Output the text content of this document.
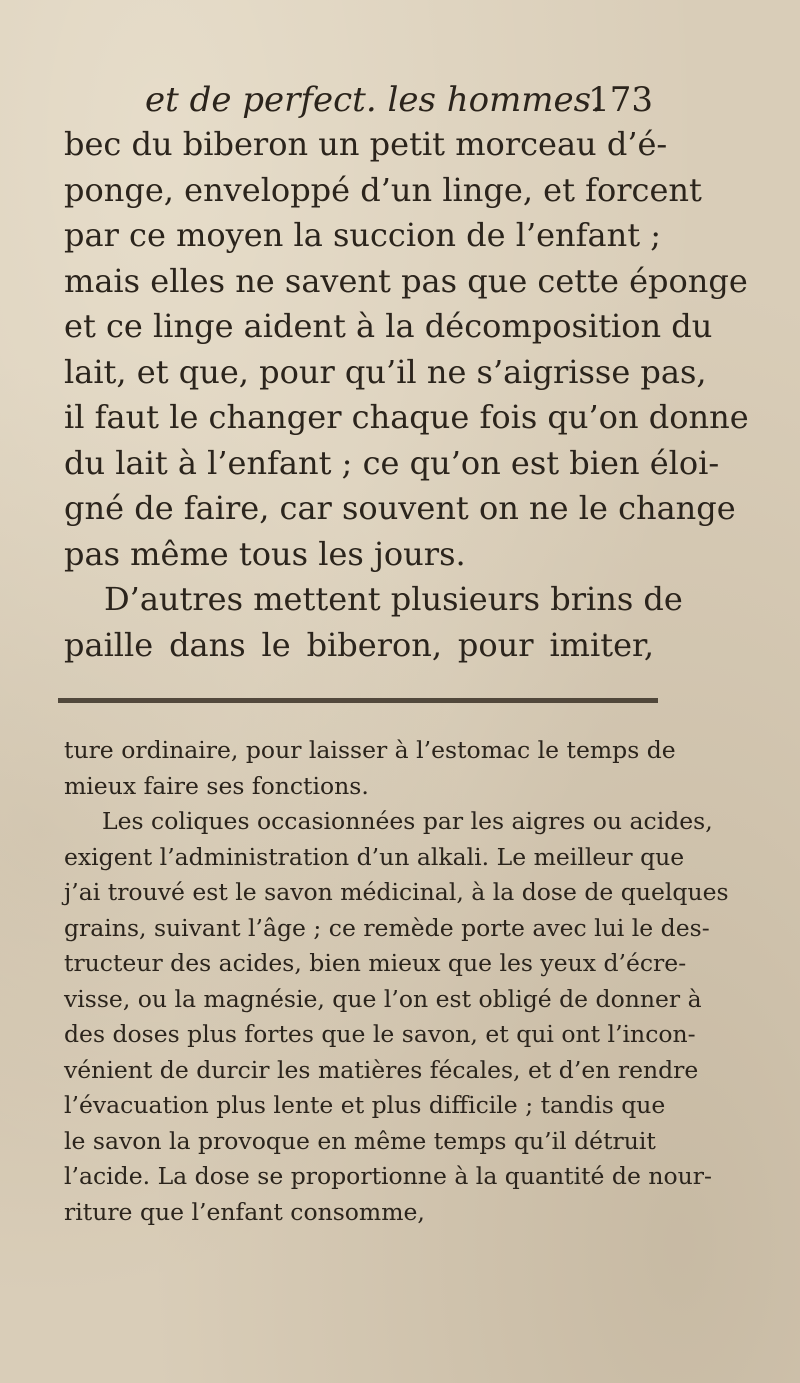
et de perfect. les hommes.
173
bec du biberon un petit morceau d’é-
ponge, enveloppé d’un linge, et forcent
par ce moyen la succion de l’enfant ;
mais elles ne savent pas que cette éponge
et ce linge aident à la décomposition du
lait, et que, pour qu’il ne s’aigrisse pas,
il faut le changer chaque fois qu’on donne
du lait à l’enfant ; ce qu’on est bien éloi-
gné de faire, car souvent on ne le change
pas même tous les jours.
D’autres mettent plusieurs brins de
paille dans le biberon, pour imiter,
ture ordinaire, pour laisser à l’estomac le temps de
mieux faire ses fonctions.
Les coliques occasionnées par les aigres ou acides,
exigent l’administration d’un alkali. Le meilleur que
j’ai trouvé est le savon médicinal, à la dose de quelques
grains, suivant l’âge ; ce remède porte avec lui le des-
tructeur des acides, bien mieux que les yeux d’écre-
visse, ou la magnésie, que l’on est obligé de donner à
des doses plus fortes que le savon, et qui ont l’incon-
vénient de durcir les matières fécales, et d’en rendre
l’évacuation plus lente et plus difficile ; tandis que
le savon la provoque en même temps qu’il détruit
l’acide. La dose se proportionne à la quantité de nour-
riture que l’enfant consomme,
